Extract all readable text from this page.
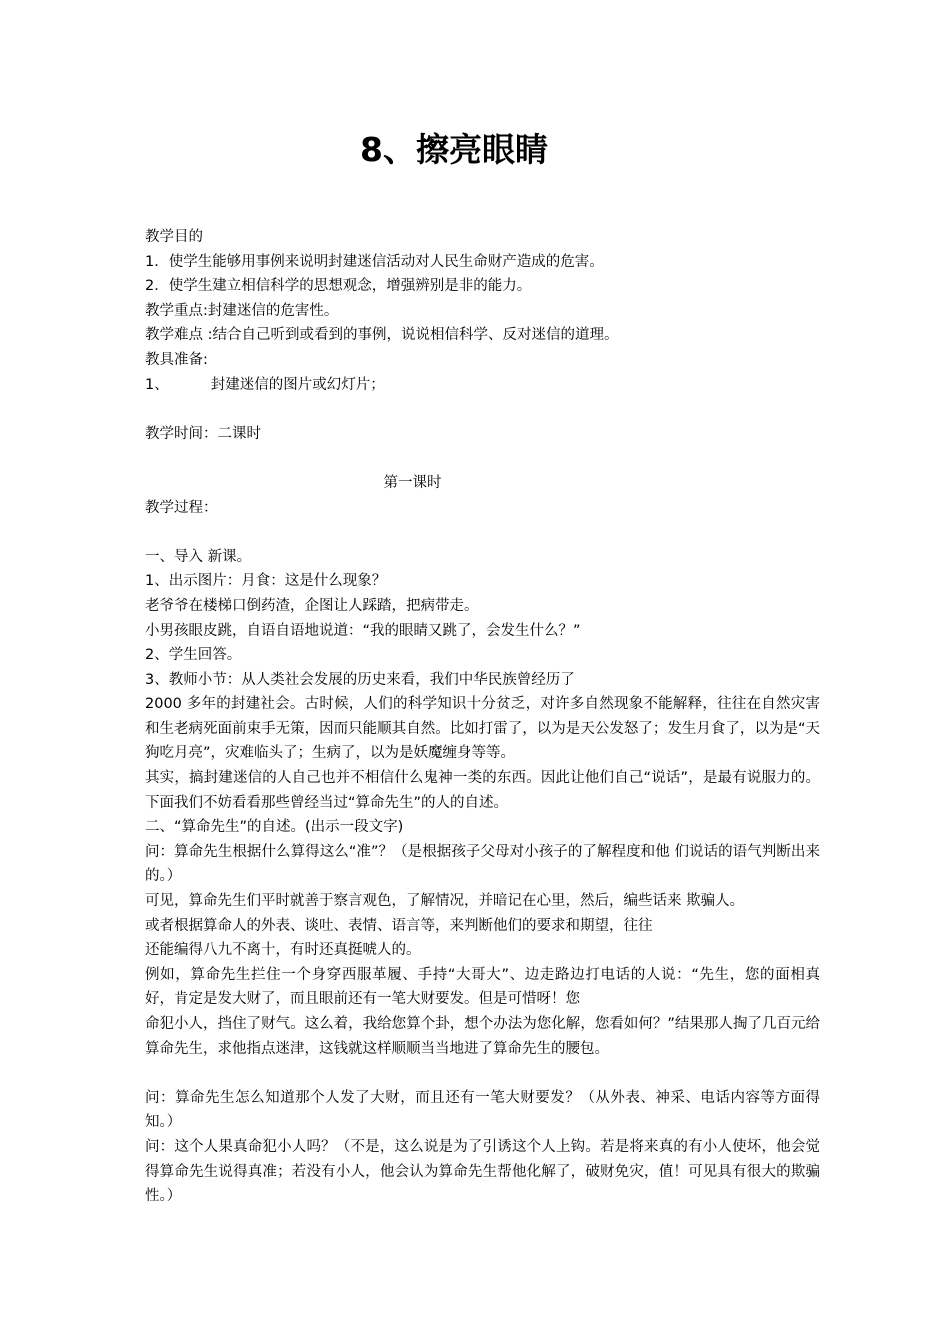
8、擦亮眼睛

教学目的

1．使学生能够用事例来说明封建迷信活动对人民生命财产造成的危害。

2．使学生建立相信科学的思想观念，增强辨别是非的能力。

教学重点:封建迷信的危害性。

教学难点 :结合自己听到或看到的事例，说说相信科学、反对迷信的道理。

教具准备:

1、	封建迷信的图片或幻灯片；

教学时间：二课时

第一课时

教学过程：

一、导入 新课。

1、出示图片：月食：这是什么现象？

老爷爷在楼梯口倒药渣，企图让人踩踏，把病带走。

小男孩眼皮跳，自语自语地说道：“我的眼睛又跳了，会发生什么？”

2、学生回答。

3、教师小节：从人类社会发展的历史来看，我们中华民族曾经历了

2000 多年的封建社会。古时候，人们的科学知识十分贫乏，对许多自然现象不能解释，往往在自然灾害和生老病死面前束手无策，因而只能顺其自然。比如打雷了，以为是天公发怒了；发生月食了，以为是“天狗吃月亮”，灾难临头了；生病了，以为是妖魔缠身等等。

其实，搞封建迷信的人自己也并不相信什么鬼神一类的东西。因此让他们自己“说话”，是最有说服力的。下面我们不妨看看那些曾经当过“算命先生”的人的自述。

二、“算命先生”的自述。(出示一段文字)

问：算命先生根据什么算得这么“准”？（是根据孩子父母对小孩子的了解程度和他 们说话的语气判断出来的。）

可见，算命先生们平时就善于察言观色，了解情况，并暗记在心里，然后，编些话来 欺骗人。

或者根据算命人的外表、谈吐、表情、语言等，来判断他们的要求和期望，往往

还能编得八九不离十，有时还真挺唬人的。

例如，算命先生拦住一个身穿西服革履、手持“大哥大”、边走路边打电话的人说：“先生，您的面相真好，肯定是发大财了，而且眼前还有一笔大财要发。但是可惜呀！您

命犯小人，挡住了财气。这么着，我给您算个卦，想个办法为您化解，您看如何？”结果那人掏了几百元给算命先生，求他指点迷津，这钱就这样顺顺当当地进了算命先生的腰包。

问：算命先生怎么知道那个人发了大财，而且还有一笔大财要发？（从外表、神采、电话内容等方面得知。）

问：这个人果真命犯小人吗？（不是，这么说是为了引诱这个人上钩。若是将来真的有小人使坏，他会觉得算命先生说得真准；若没有小人，他会认为算命先生帮他化解了，破财免灾，值！可见具有很大的欺骗性。）
